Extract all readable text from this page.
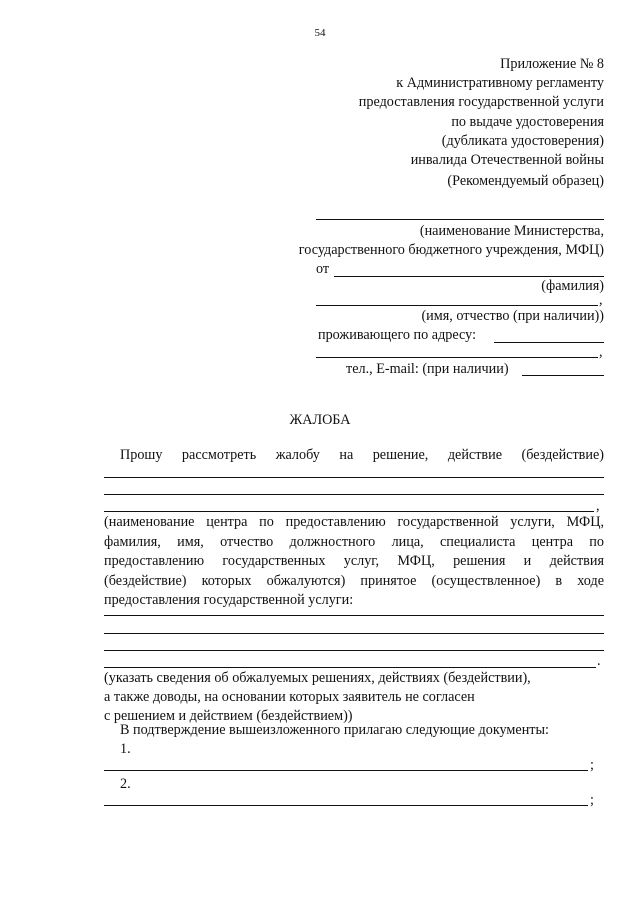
54
Приложение № 8
к Административному регламенту
предоставления государственной услуги
по выдаче удостоверения
(дубликата удостоверения)
инвалида Отечественной войны
(Рекомендуемый образец)
(наименование Министерства,
государственного бюджетного учреждения, МФЦ)
от
(фамилия)
,
(имя, отчество (при наличии))
проживающего по адресу:
,
тел., E-mail: (при наличии)
ЖАЛОБА
Прошу рассмотреть жалобу на решение, действие (бездействие)
,
(наименование центра по предоставлению государственной услуги, МФЦ,
фамилия, имя, отчество должностного лица, специалиста центра по
предоставлению государственных услуг, МФЦ, решения и действия
(бездействие) которых обжалуются) принятое (осуществленное) в ходе
предоставления государственной услуги:
.
(указать сведения об обжалуемых решениях, действиях (бездействии),
а также доводы, на основании которых заявитель не согласен
с решением и действием (бездействием))
В подтверждение вышеизложенного прилагаю следующие документы:
1.
;
2.
;
